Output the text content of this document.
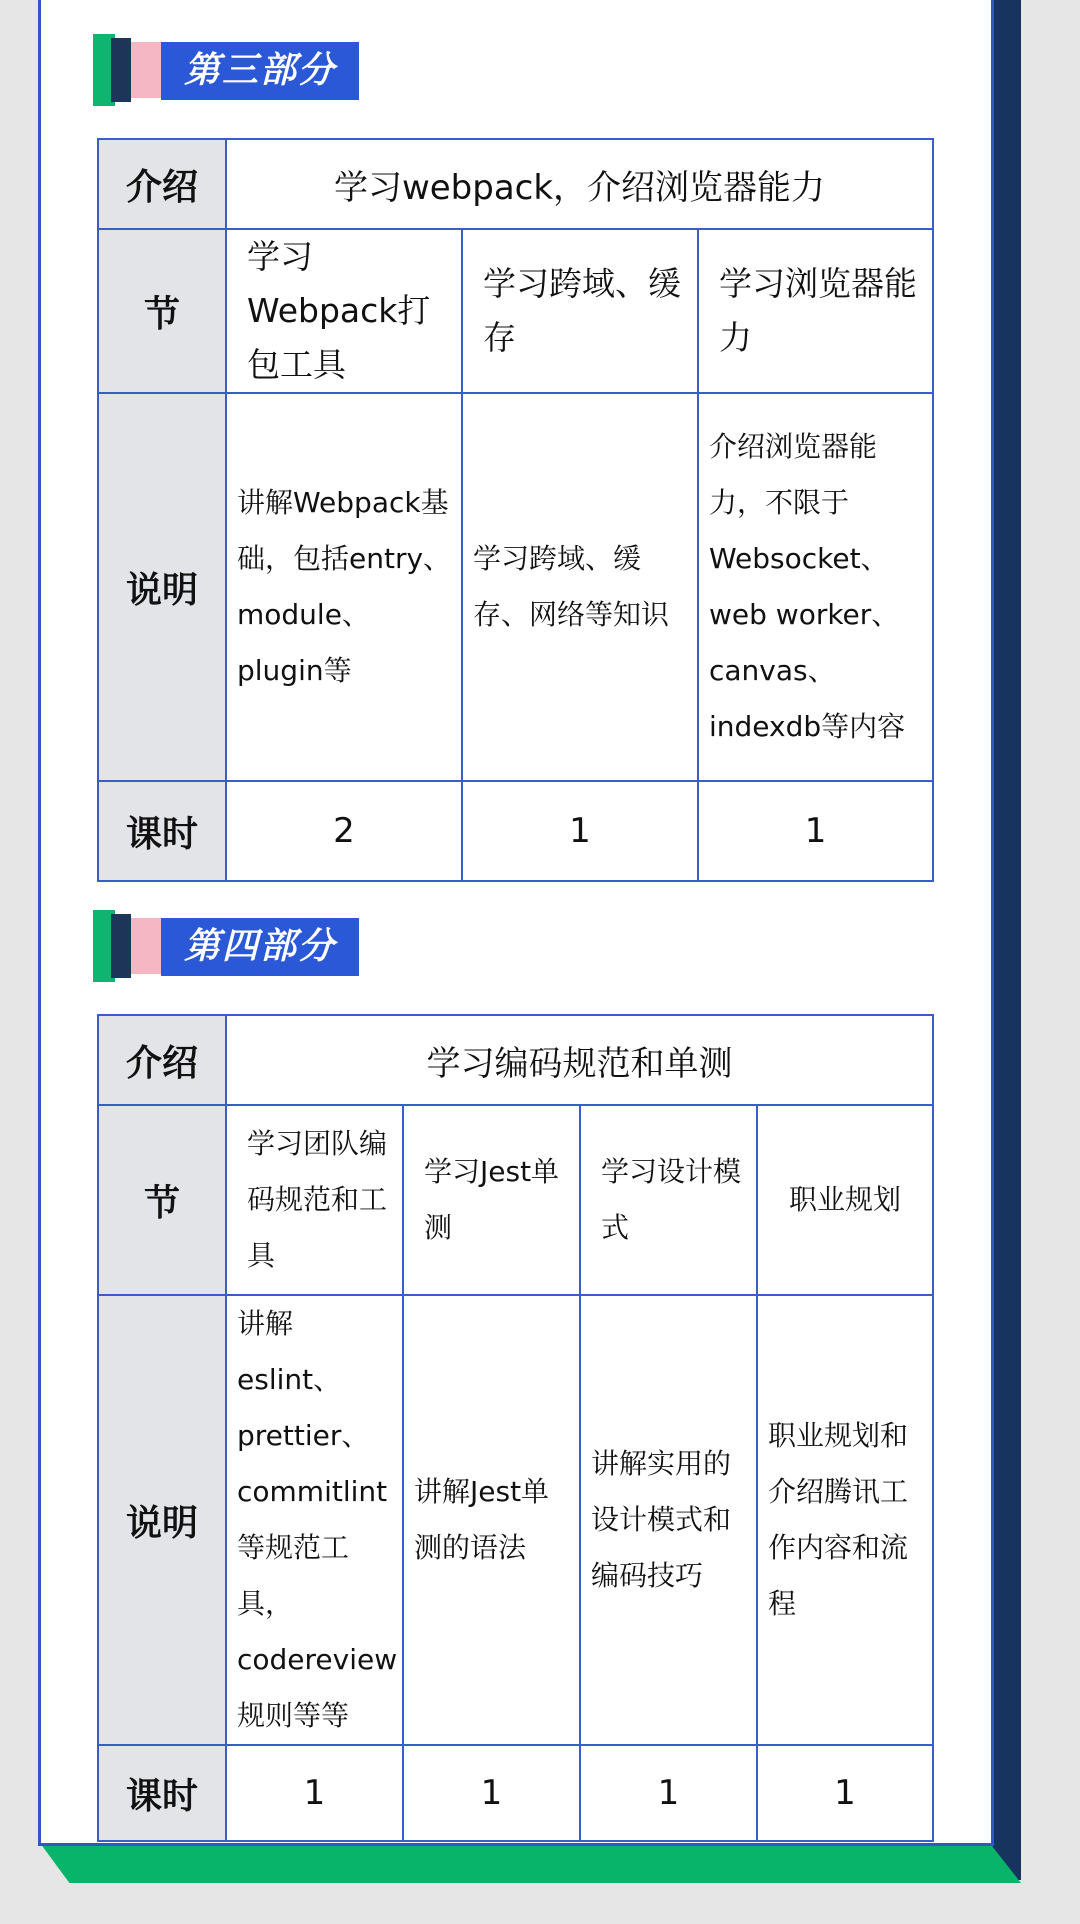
第三部分
介绍	学习webpack，介绍浏览器能力		
节	学习Webpack打包工具	学习跨域、缓存	学习浏览器能力
说明	讲解Webpack基础，包括entry、module、plugin等	学习跨域、缓存、网络等知识	介绍浏览器能力，不限于Websocket、web worker、canvas、indexdb等内容
课时	2	1	1
第四部分
介绍	学习编码规范和单测			
节	学习团队编码规范和工具	学习Jest单测	学习设计模式	职业规划
说明	讲解eslint、prettier、commitlint等规范工具，codereview规则等等	讲解Jest单测的语法	讲解实用的设计模式和编码技巧	职业规划和介绍腾讯工作内容和流程
课时	1	1	1	1
